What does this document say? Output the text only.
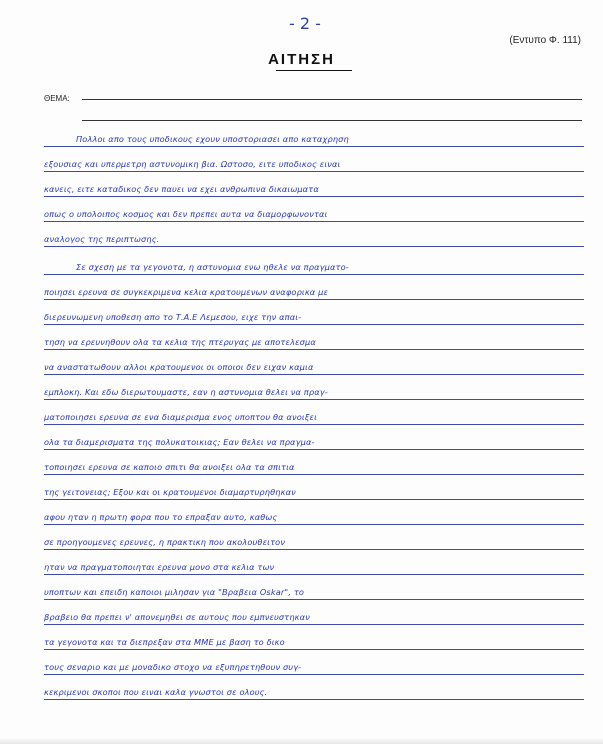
- 2 -
(Εντυπο Φ. 111)
ΑΙΤΗΣΗ
ΘΕΜΑ:
Πολλοι απο τους υποδικους εχουν υποστοριασει απο καταχρηση
εξουσιας και υπερμετρη αστυνομικη βια. Ωστοσο, ειτε υποδικος ειναι
κανεις, ειτε καταδικος δεν παυει να εχει ανθρωπινα δικαιωματα
οπως ο υπολοιπος κοσμος και δεν πρεπει αυτα να διαμορφωνονται
αναλογος της περιπτωσης.
Σε σχεση με τα γεγονοτα, η αστυνομια ενω ηθελε να πραγματο-
ποιησει ερευνα σε συγκεκριμενα κελια κρατουμενων αναφορικα με
διερευνωμενη υποθεση απο το Τ.Α.Ε Λεμεσου, ειχε την απαι-
τηση να ερευνηθουν ολα τα κελια της πτερυγας με αποτελεσμα
να αναστατωθουν αλλοι κρατουμενοι οι οποιοι δεν ειχαν καμια
εμπλοκη. Και εδω διερωτουμαστε, εαν η αστυνομια θελει να πραγ-
ματοποιησει ερευνα σε ενα διαμερισμα ενος υποπτου θα ανοιξει
ολα τα διαμερισματα της πολυκατοικιας; Εαν θελει να πραγμα-
τοποιησει ερευνα σε καποιο σπιτι θα ανοιξει ολα τα σπιτια
της γειτονειας; Εξου και οι κρατουμενοι διαμαρτυρηθηκαν
αφου ηταν η πρωτη φορα που το επραξαν αυτο, καθως
σε προηγουμενες ερευνες, η πρακτικη που ακολουθειτον
ηταν να πραγματοποιηται ερευνα μονο στα κελια των
υποπτων και επειδη καποιοι μιλησαν για "Βραβεια Oskar", το
βραβειο θα πρεπει ν' απονεμηθει σε αυτους που εμπνευστηκαν
τα γεγονοτα και τα διεπρεξαν στα ΜΜΕ με βαση το δικο
τους σεναριο και με μοναδικο στοχο να εξυπηρετηθουν συγ-
κεκριμενοι σκοποι που ειναι καλα γνωστοι σε ολους.
